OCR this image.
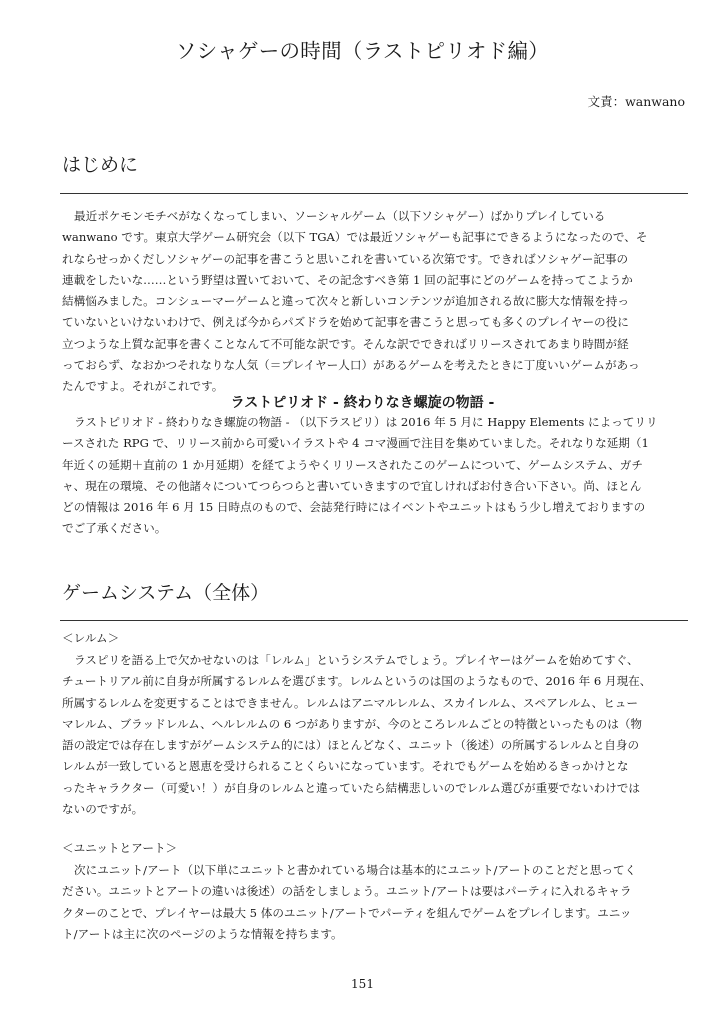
ソシャゲーの時間（ラストピリオド編）
文責：wanwano
はじめに
最近ポケモンモチベがなくなってしまい、ソーシャルゲーム（以下ソシャゲー）ばかりプレイしている
wanwano です。東京大学ゲーム研究会（以下 TGA）では最近ソシャゲーも記事にできるようになったので、そ
れならせっかくだしソシャゲーの記事を書こうと思いこれを書いている次第です。できればソシャゲー記事の
連載をしたいな……という野望は置いておいて、その記念すべき第 1 回の記事にどのゲームを持ってこようか
結構悩みました。コンシューマーゲームと違って次々と新しいコンテンツが追加される故に膨大な情報を持っ
ていないといけないわけで、例えば今からパズドラを始めて記事を書こうと思っても多くのプレイヤーの役に
立つような上質な記事を書くことなんて不可能な訳です。そんな訳でできればリリースされてあまり時間が経
っておらず、なおかつそれなりな人気（＝プレイヤー人口）があるゲームを考えたときに丁度いいゲームがあっ
たんですよ。それがこれです。
ラストピリオド - 終わりなき螺旋の物語 -
ラストピリオド - 終わりなき螺旋の物語 - （以下ラスピリ）は 2016 年 5 月に Happy Elements によってリリ
ースされた RPG で、リリース前から可愛いイラストや 4 コマ漫画で注目を集めていました。それなりな延期（1
年近くの延期＋直前の 1 か月延期）を経てようやくリリースされたこのゲームについて、ゲームシステム、ガチ
ャ、現在の環境、その他諸々についてつらつらと書いていきますので宜しければお付き合い下さい。尚、ほとん
どの情報は 2016 年 6 月 15 日時点のもので、会誌発行時にはイベントやユニットはもう少し増えておりますの
でご了承ください。
ゲームシステム（全体）
＜レルム＞
ラスピリを語る上で欠かせないのは「レルム」というシステムでしょう。プレイヤーはゲームを始めてすぐ、
チュートリアル前に自身が所属するレルムを選びます。レルムというのは国のようなもので、2016 年 6 月現在、
所属するレルムを変更することはできません。レルムはアニマルレルム、スカイレルム、スペアレルム、ヒュー
マレルム、ブラッドレルム、ヘルレルムの 6 つがありますが、今のところレルムごとの特徴といったものは（物
語の設定では存在しますがゲームシステム的には）ほとんどなく、ユニット（後述）の所属するレルムと自身の
レルムが一致していると恩恵を受けられることくらいになっています。それでもゲームを始めるきっかけとな
ったキャラクター（可愛い！）が自身のレルムと違っていたら結構悲しいのでレルム選びが重要でないわけでは
ないのですが。
＜ユニットとアート＞
次にユニット/アート（以下単にユニットと書かれている場合は基本的にユニット/アートのことだと思ってく
ださい。ユニットとアートの違いは後述）の話をしましょう。ユニット/アートは要はパーティに入れるキャラ
クターのことで、プレイヤーは最大 5 体のユニット/アートでパーティを組んでゲームをプレイします。ユニッ
ト/アートは主に次のページのような情報を持ちます。
151
